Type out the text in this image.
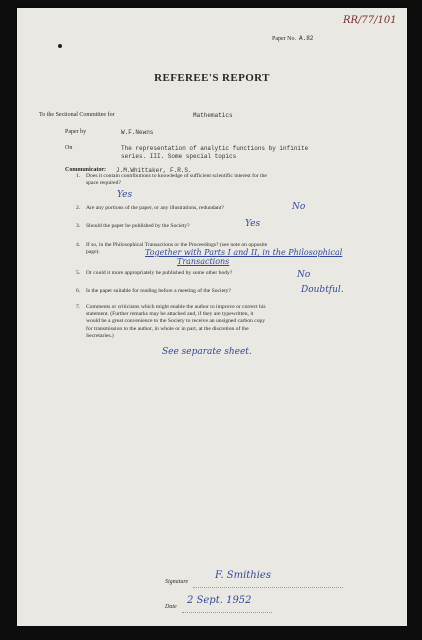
RR/77/101
Paper No. A.82
REFEREE'S REPORT
To the Sectional Committee for	Mathematics
Paper by	W.F.Newns
On	The representation of analytic functions by infinite
series. III. Some special topics
Communicator: J.M.Whittaker, F.R.S.
1. Does it contain contributions to knowledge of sufficient scientific interest for the
space required?
Yes
2. Are any portions of the paper, or any illustrations, redundant?	No
3. Should the paper be published by the Society?	Yes
4. If so, in the Philosophical Transactions or the Proceedings? (see note on opposite
page).	Together with Parts I and II, in the Philosophical
Transactions
5. Or could it more appropriately be published by some other body?	No
6. Is the paper suitable for reading before a meeting of the Society?	Doubtful.
7. Comments or criticisms which might enable the author to improve or correct his
statement. (Further remarks may be attached and, if they are typewritten, it
would be a great convenience to the Society to receive an unsigned carbon copy
for transmission to the author, in whole or in part, at the discretion of the
Secretaries.)
See separate sheet.
Signature
F. Smithies
Date
2 Sept. 1952
